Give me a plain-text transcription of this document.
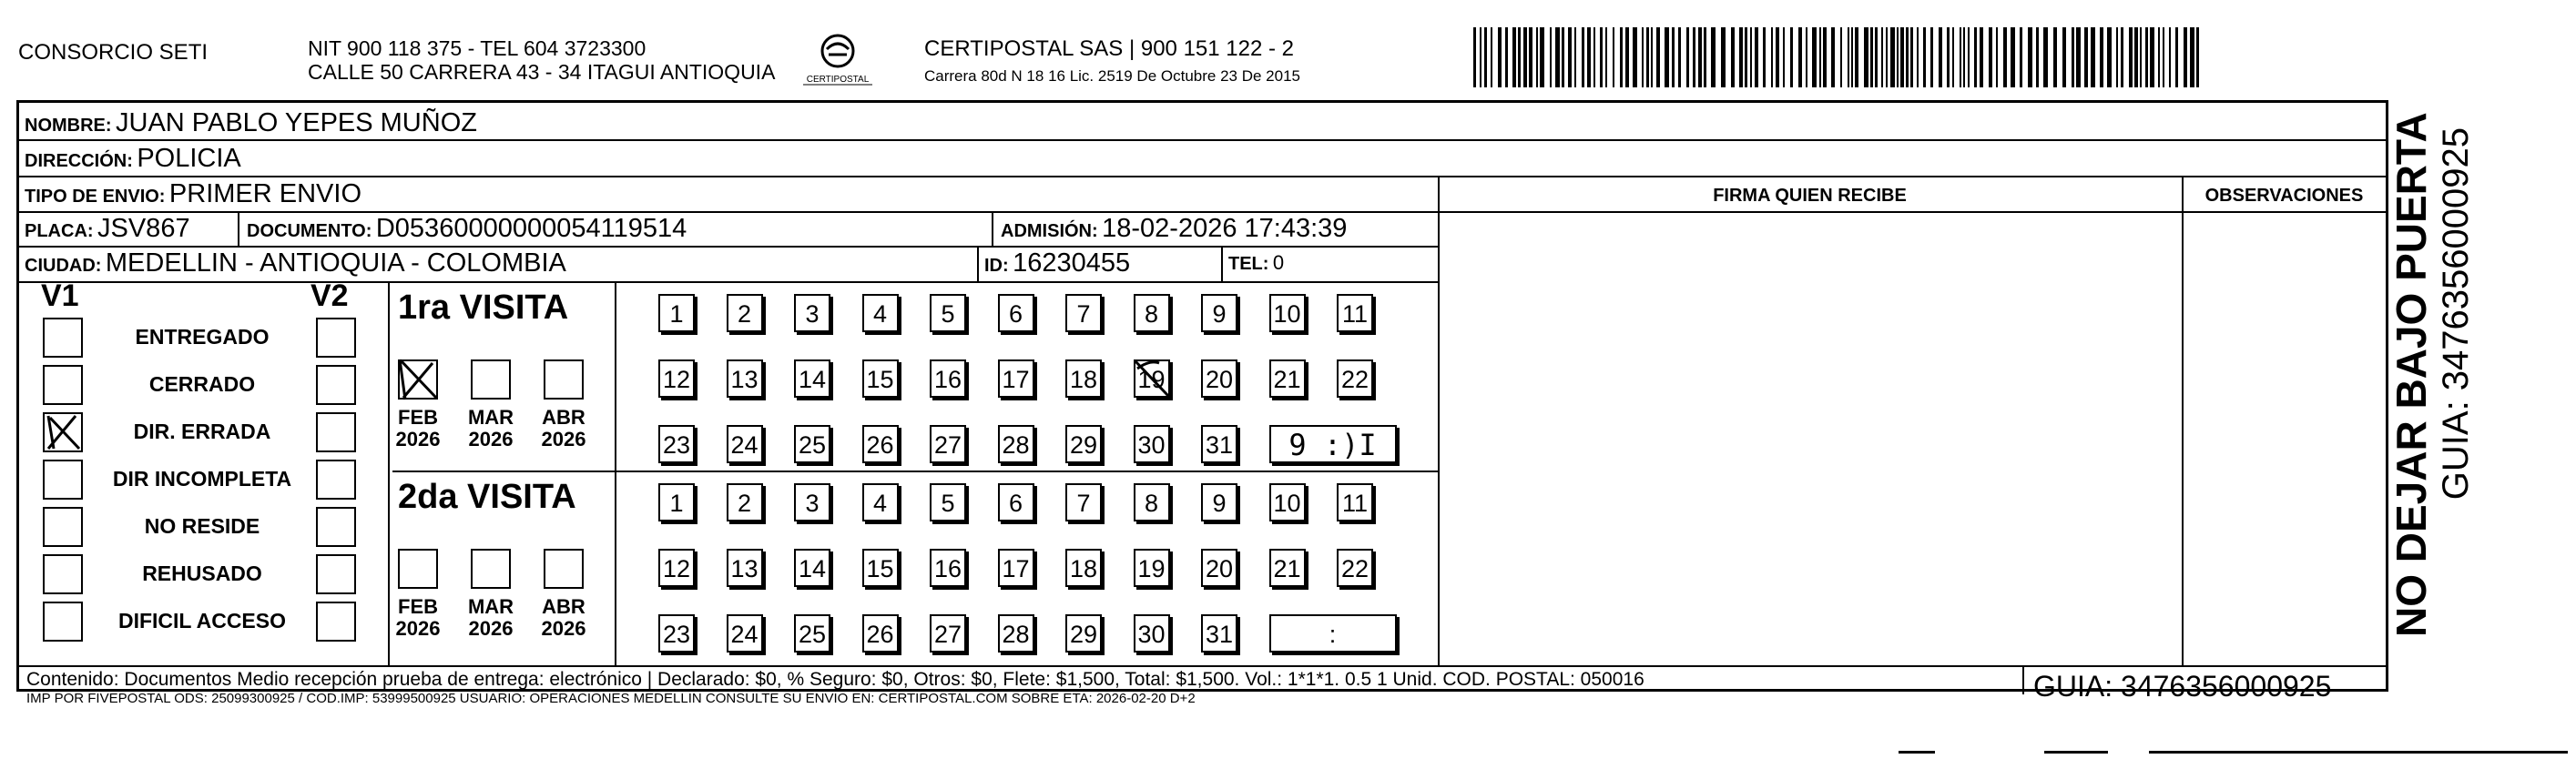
CONSORCIO SETI	NIT 900 118 375 - TEL 604 3723300
CALLE 50 CARRERA 43 - 34 ITAGUI ANTIOQUIA	CERTIPOSTAL
CERTIPOSTAL SAS | 900 151 122 - 2
Carrera 80d N 18 16 Lic. 2519 De Octubre 23 De 2015
NOMBRE: JUAN PABLO YEPES MUÑOZ
DIRECCIÓN: POLICIA
TIPO DE ENVIO: PRIMER ENVIO	FIRMA QUIEN RECIBE	OBSERVACIONES
PLACA: JSV867	DOCUMENTO: D05360000000054119514	ADMISIÓN: 18-02-2026 17:43:39
CIUDAD: MEDELLIN - ANTIOQUIA - COLOMBIA	ID: 16230455	TEL: 0
V1	V2
ENTREGADO
CERRADO
DIR. ERRADA
DIR INCOMPLETA
NO RESIDE
REHUSADO
DIFICIL ACCESO
1ra VISITA
FEB
2026
MAR
2026
ABR
2026
1	2	3	4	5	6	7	8	9	10 11
12 13 14 15 16 17 18 19 20 21 22
23 24 25 26 27 28 29 30 31	9 :)I
2da VISITA
FEB
2026
MAR
2026
ABR
2026
1	2	3	4	5	6	7	8	9	10 11
12 13 14 15 16 17 18 19 20 21 22
23 24 25 26 27 28 29 30 31	:
Contenido: Documentos Medio recepción prueba de entrega: electrónico | Declarado: $0, % Seguro: $0, Otros: $0, Flete: $1,500, Total: $1,500. Vol.: 1*1*1. 0.5 1 Unid. COD. POSTAL: 050016
IMP POR FIVEPOSTAL ODS: 25099300925 / COD.IMP: 53999500925 USUARIO: OPERACIONES MEDELLIN CONSULTE SU ENVIO EN: CERTIPOSTAL.COM SOBRE ETA: 2026-02-20 D+2	GUIA: 3476356000925
NO DEJAR BAJO PUERTA GUIA: 3476356000925
